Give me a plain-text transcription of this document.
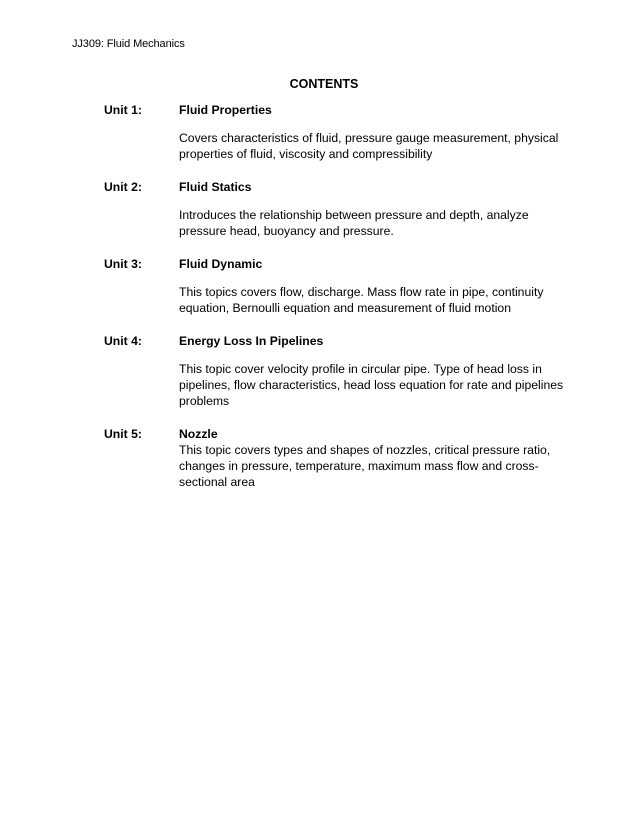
JJ309: Fluid Mechanics
CONTENTS
Unit 1:	Fluid Properties
Covers characteristics of fluid, pressure gauge measurement, physical properties of fluid, viscosity and compressibility
Unit 2:	Fluid Statics
Introduces the relationship between pressure and depth, analyze pressure head, buoyancy and pressure.
Unit 3:	Fluid Dynamic
This topics covers flow, discharge. Mass flow rate in pipe, continuity equation, Bernoulli equation and measurement of fluid motion
Unit 4:	Energy Loss In Pipelines
This topic cover velocity profile in circular pipe. Type of head loss in pipelines, flow characteristics, head loss equation for rate and pipelines problems
Unit 5:	Nozzle
This topic covers types and shapes of nozzles, critical pressure ratio, changes in pressure, temperature, maximum mass flow and cross- sectional area
